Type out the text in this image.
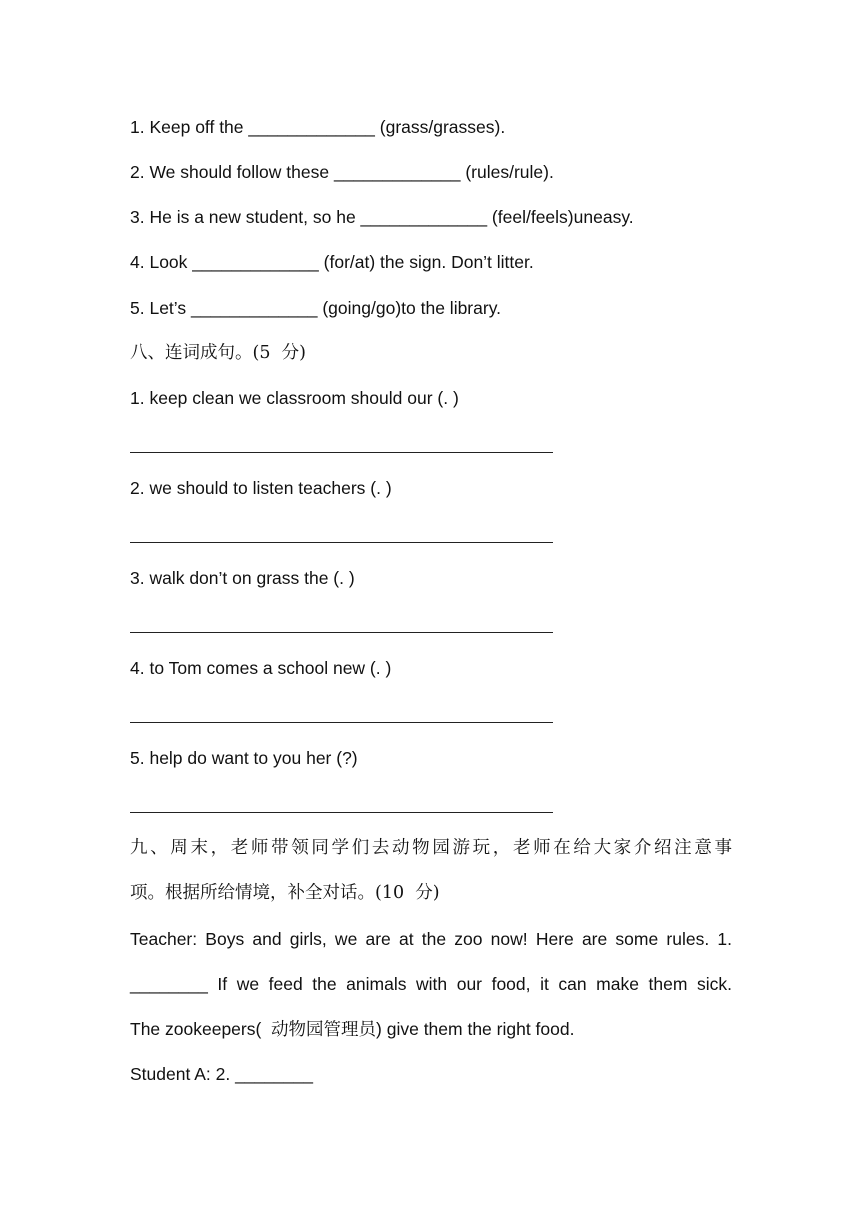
1. Keep off the _____________ (grass/grasses).
2. We should follow these _____________ (rules/rule).
3. He is a new student, so he _____________ (feel/feels)uneasy.
4. Look _____________ (for/at) the sign. Don’t litter.
5. Let’s _____________ (going/go)to the library.
八、连词成句。(5  分)
1. keep clean we classroom should our (. )
2. we should to listen teachers (. )
3. walk don’t on grass the (. )
4. to Tom comes a school new (. )
5. help do want to you her (?)
九、周末，老师带领同学们去动物园游玩，老师在给大家介绍注意事
项。根据所给情境，补全对话。(10  分)
Teacher: Boys and girls, we are at the zoo now! Here are some rules. 1.
________ If we feed the animals with our food, it can make them sick.
The zookeepers(  动物园管理员) give them the right food.
Student A: 2. ________
